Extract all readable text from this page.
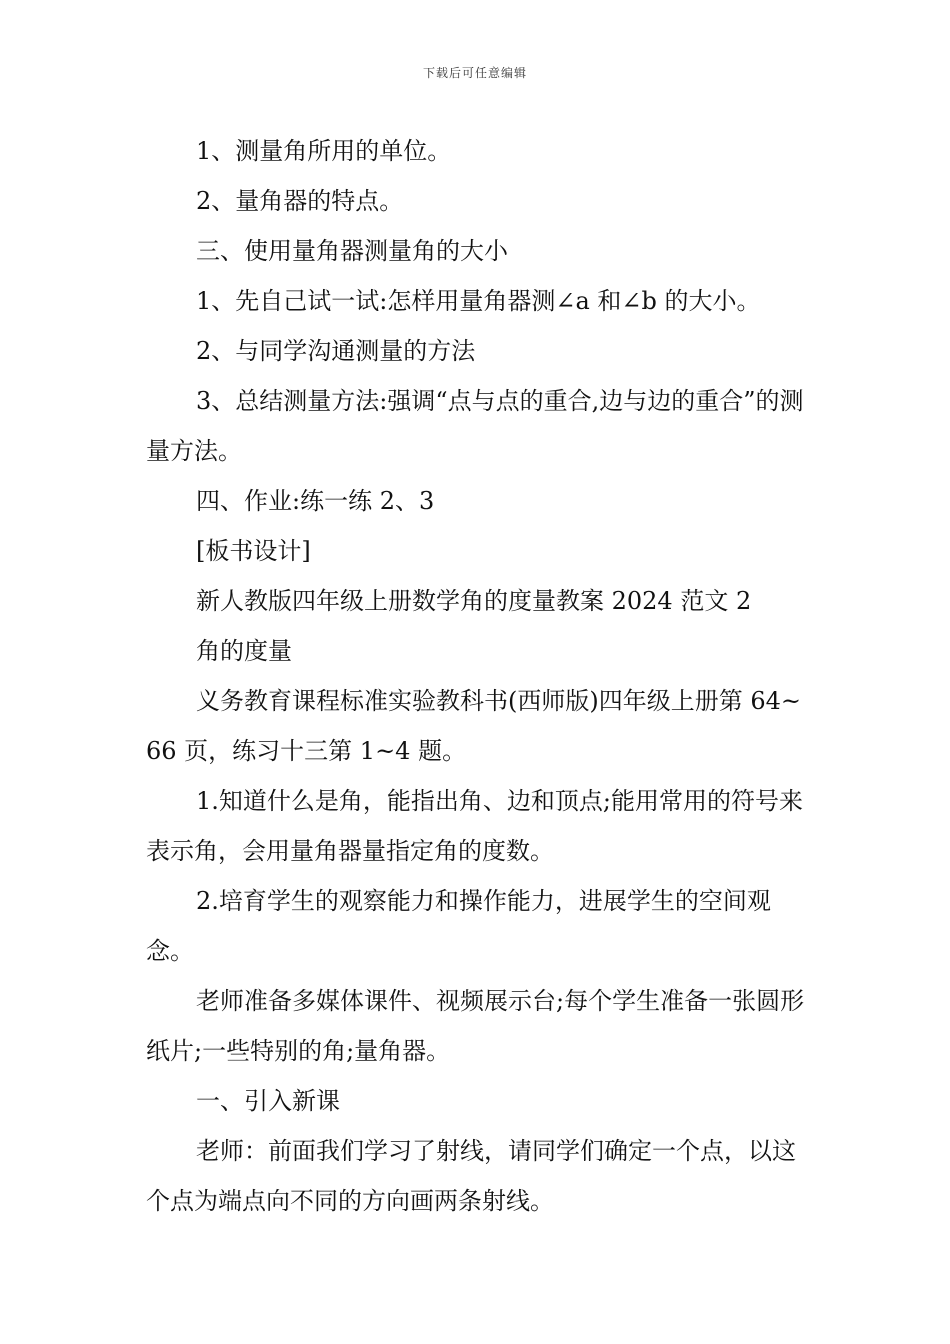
下载后可任意编辑

1、测量角所用的单位。

2、量角器的特点。

三、使用量角器测量角的大小

1、先自己试一试:怎样用量角器测∠a 和∠b 的大小。

2、与同学沟通测量的方法

3、总结测量方法:强调“点与点的重合,边与边的重合”的测量方法。

四、作业:练一练 2、3

[板书设计]

新人教版四年级上册数学角的度量教案 2024 范文 2

角的度量

义务教育课程标准实验教科书(西师版)四年级上册第 64~66 页，练习十三第 1~4 题。

1.知道什么是角，能指出角、边和顶点;能用常用的符号来表示角，会用量角器量指定角的度数。

2.培育学生的观察能力和操作能力，进展学生的空间观念。

老师准备多媒体课件、视频展示台;每个学生准备一张圆形纸片;一些特别的角;量角器。

一、引入新课

老师：前面我们学习了射线，请同学们确定一个点，以这个点为端点向不同的方向画两条射线。
